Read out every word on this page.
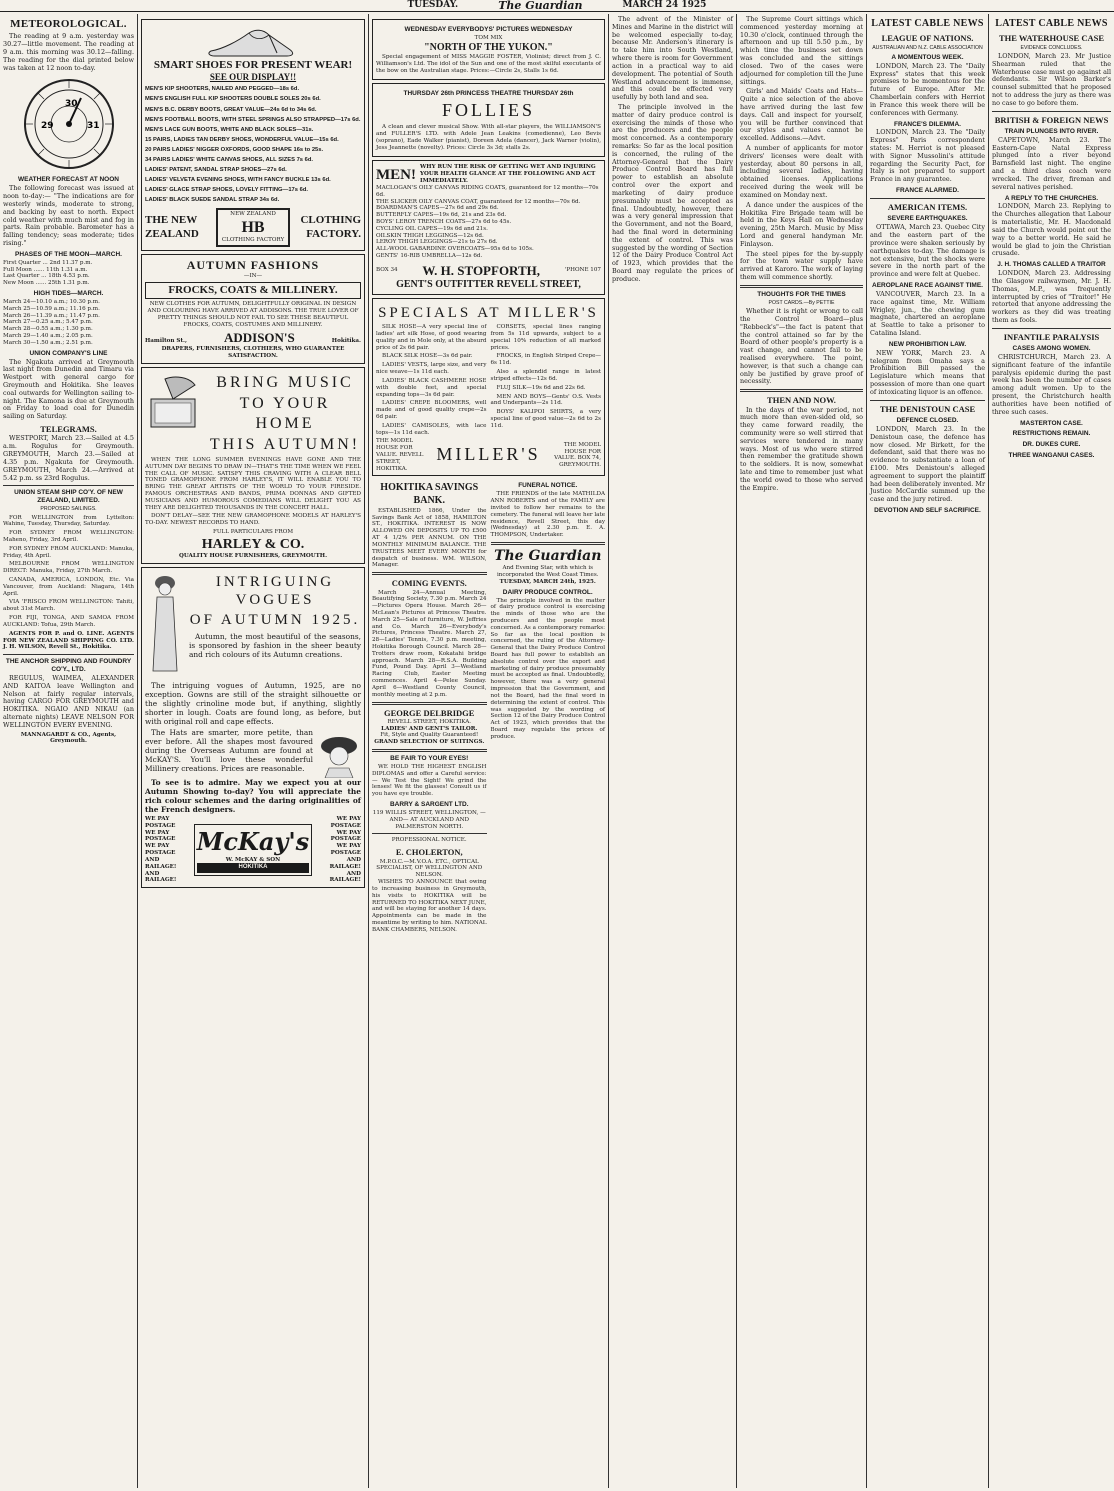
TUESDAY.	The Guardian	MARCH 24 1925
METEOROLOGICAL.

The reading at 9 a.m. yesterday was 30.27—little movement. The reading at 9 a.m. this morning was 30.12—falling. The reading for the dial printed below was taken at 12 noon to-day.

30
29	31
WEATHER FORECAST AT NOON

The following forecast was issued at noon to-day:— "The indications are for westerly winds, moderate to strong, and backing by east to north. Expect cold weather with much mist and fog in parts. Rain probable. Barometer has a falling tendency; seas moderate; tides rising."

PHASES OF THE MOON—MARCH.
First Quarter ... 2nd 11.37 p.m.
Full Moon ...... 11th 1.31 a.m.
Last Quarter ... 18th 4.53 p.m.
New Moon ...... 25th 1.31 p.m.
HIGH TIDES—MARCH.
March 24—10.10 a.m.; 10.30 p.m.
March 25—10.59 a.m.; 11.16 p.m.
March 26—11.39 a.m.; 11.47 p.m.
March 27—0.25 a.m.; 5.47 p.m.
March 28—0.55 a.m.; 1.30 p.m.
March 29—1.40 a.m.; 2.05 p.m.
March 30—1.50 a.m.; 2.51 p.m.
UNION COMPANY'S LINE

The Ngakuta arrived at Greymouth last night from Dunedin and Timaru via Westport with general cargo for Greymouth and Hokitika. She leaves coal outwards for Wellington sailing to-night. The Kamona is due at Greymouth on Friday to load coal for Dunedin sailing on Saturday.

TELEGRAMS.

WESTPORT, March 23.—Sailed at 4.5 a.m. Rogulus for Greymouth. GREYMOUTH, March 23.—Sailed at 4.35 p.m. Ngakuta for Greymouth. GREYMOUTH, March 24.—Arrived at 5.42 p.m. ss 23rd Rogulus.

UNION STEAM SHIP CO'Y. OF NEW ZEALAND, LIMITED.
PROPOSED SAILINGS.

FOR WELLINGTON from Lyttelton: Wahine, Tuesday, Thursday, Saturday.

FOR SYDNEY FROM WELLINGTON: Maheno, Friday, 3rd April.

FOR SYDNEY FROM AUCKLAND: Manuka, Friday, 4th April.

MELBOURNE FROM WELLINGTON DIRECT: Manuka, Friday, 27th March.

CANADA, AMERICA, LONDON, Etc. Via Vancouver, from Auckland: Niagara, 14th April.

VIA 'FRISCO FROM WELLINGTON: Tahiti, about 31st March.

FOR FIJI, TONGA, AND SAMOA FROM AUCKLAND: Tofua, 29th March.

AGENTS FOR P. and O. LINE. AGENTS FOR NEW ZEALAND SHIPPING CO. LTD. J. H. WILSON, Revell St., Hokitika.

THE ANCHOR SHIPPING AND FOUNDRY CO'Y., LTD.

REGULUS, WAIMEA, ALEXANDER AND KAITOA leave Wellington and Nelson at fairly regular intervals, having CARGO FOR GREYMOUTH and HOKITIKA. NGAIO AND NIKAU (an alternate nights) LEAVE NELSON FOR WELLINGTON EVERY EVENING.

MANNAGARDT & CO., Agents, Greymouth.
SMART SHOES FOR PRESENT WEAR!
SEE OUR DISPLAY!!
MEN'S KIP SHOOTERS, NAILED AND PEGGED—18s 6d.
MEN'S ENGLISH FULL KIP SHOOTERS DOUBLE SOLES 20s 6d.
MEN'S B.C. DERBY BOOTS, GREAT VALUE—24s 6d to 34s 6d.
MEN'S FOOTBALL BOOTS, WITH STEEL SPRINGS ALSO STRAPPED—17s 6d.
MEN'S LACE GUN BOOTS, WHITE AND BLACK SOLES—31s.
15 PAIRS, LADIES TAN DERBY SHOES, WONDERFUL VALUE—15s 6d.
20 PAIRS LADIES' NIGGER OXFORDS, GOOD SHAPE 16s to 25s.
34 PAIRS LADIES' WHITE CANVAS SHOES, ALL SIZES 7s 6d.
LADIES' PATENT, SANDAL STRAP SHOES—27s 6d.
LADIES' VELVETA EVENING SHOES, WITH FANCY BUCKLE 13s 6d.
LADIES' GLACE STRAP SHOES, LOVELY FITTING—17s 6d.
LADIES' BLACK SUEDE SANDAL STRAP 34s 6d.
THE NEW
ZEALAND
NEW ZEALAND
HB
CLOTHING FACTORY
CLOTHING
FACTORY.
AUTUMN FASHIONS
—IN—
FROCKS, COATS & MILLINERY.

NEW CLOTHES FOR AUTUMN, DELIGHTFULLY ORIGINAL IN DESIGN AND COLOURING HAVE ARRIVED AT ADDISONS. THE TRUE LOVER OF PRETTY THINGS SHOULD NOT FAIL TO SEE THESE BEAUTIFUL FROCKS, COATS, COSTUMES AND MILLINERY.

Hamilton St.,	ADDISON'S	Hokitika.
DRAPERS, FURNISHERS, CLOTHIERS, WHO GUARANTEE SATISFACTION.
BRING MUSIC
TO YOUR HOME
THIS AUTUMN!

WHEN THE LONG SUMMER EVENINGS HAVE GONE AND THE AUTUMN DAY BEGINS TO DRAW IN—THAT'S THE TIME WHEN WE FEEL THE CALL OF MUSIC. SATISFY THIS CRAVING WITH A CLEAR BELL TONED GRAMOPHONE FROM HARLEY'S, IT WILL ENABLE YOU TO BRING THE GREAT ARTISTS OF THE WORLD TO YOUR FIRESIDE. FAMOUS ORCHESTRAS AND BANDS, PRIMA DONNAS AND GIFTED MUSICIANS AND HUMOROUS COMEDIANS WILL DELIGHT YOU AS THEY ARE DELIGHTED THOUSANDS IN THE CONCERT HALL.

DON'T DELAY—SEE THE NEW GRAMOPHONE MODELS AT HARLEY'S TO-DAY. NEWEST RECORDS TO HAND.

FULL PARTICULARS FROM
HARLEY & CO.
QUALITY HOUSE FURNISHERS, GREYMOUTH.
INTRIGUING VOGUES
OF AUTUMN 1925.

Autumn, the most beautiful of the seasons, is sponsored by fashion in the sheer beauty and rich colours of its Autumn creations.

The intriguing vogues of Autumn, 1925, are no exception. Gowns are still of the straight silhouette or the slightly crinoline mode but, if anything, slightly shorter in lough. Coats are found long, as before, but with original roll and cape effects.

The Hats are smarter, more petite, than ever before. All the shapes most favoured during the Overseas Autumn are found at McKAY'S. You'll love these wonderful Millinery creations. Prices are reasonable.

To see is to admire. May we expect you at our Autumn Showing to-day? You will appreciate the rich colour schemes and the daring originalities of the French designers.

WE PAY POSTAGE
WE PAY POSTAGE
WE PAY POSTAGE
AND RAILAGE!
AND RAILAGE!
McKay's
W. McKAY & SON
HOKITIKA
WE PAY POSTAGE
WE PAY POSTAGE
WE PAY POSTAGE
AND RAILAGE!
AND RAILAGE!
WEDNESDAY EVERYBODYS' PICTURES WEDNESDAY
TOM MIX
"NORTH OF THE YUKON."

Special engagement of MISS MAGGIE FOSTER, Violinist; direct from J. C. Williamson's Ltd. The idol of the Sun and one of the most skilful executants of the bow on the Australian stage. Prices:—Circle 2s, Stalls 1s 6d.

THURSDAY 26th PRINCESS THEATRE THURSDAY 26th
FOLLIES

A clean and clever musical Show. With all-star players, the WILLIAMSON'S and FULLER'S LTD. with Adele Jean Leakins (comedienne), Leo Bevis (soprano), Eade Walker (pianist), Doreen Adela (dancer), Jack Warner (violin), Jess Jeannette (novelty). Prices: Circle 3s 3d; stalls 2s.

MEN! WHY RUN THE RISK OF GETTING WET AND INJURING YOUR HEALTH GLANCE AT THE FOLLOWING AND ACT IMMEDIATELY.
MACLOGAN'S OILY CANVAS RIDING COATS, guaranteed for 12 months—70s 6d.
THE SLICKER OILY CANVAS COAT, guaranteed for 12 months—70s 6d.
BOARDMAN'S CAPES—27s 6d and 29s 6d.
BUTTERFLY CAPES—19s 6d, 21s and 23s 6d.
BOYS' LEROY TRENCH COATS—27s 6d to 45s.
CYCLING OIL CAPES—19s 6d and 21s.
OILSKIN THIGH LEGGINGS—12s 6d.
LEROY THIGH LEGGINGS—21s to 27s 6d.
ALL-WOOL GABARDINE OVERCOATS—95s 6d to 105s.
GENTS' 16-RIB UMBRELLA—12s 6d.
BOX 34 W. H. STOPFORTH,	'PHONE 107
GENT'S OUTFITTER REVELL STREET,
SPECIALS AT MILLER'S

SILK HOSE—A very special line of ladies' art silk Hose, of good wearing quality and in Mole only, at the absurd price of 2s 6d pair.

BLACK SILK HOSE—3s 6d pair.

LADIES' VESTS, large size, and very nice weave—1s 11d each.

LADIES' BLACK CASHMERE HOSE with double feet, and special expanding tops—3s 6d pair.

LADIES' CREPE BLOOMERS, well made and of good quality crepe—2s 6d pair.

LADIES' CAMISOLES, with lace tops—1s 11d each.

CORSETS, special lines ranging from 5s 11d upwards, subject to a special 10% reduction of all marked prices.

FROCKS, in English Striped Crepe—6s 11d.

Also a splendid range in latest striped effects—12s 6d.

FLUJ SILK—19s 6d and 22s 6d.

MEN AND BOYS—Gents' O.S. Vests and Underpants—2s 11d.

BOYS' KALIPOI SHIRTS, a very special line of good value—2s 6d to 2s 11d.

THE MODEL HOUSE FOR VALUE. REVELL STREET, HOKITIKA.
MILLER'S	THE MODEL HOUSE FOR VALUE. BOX 74, GREYMOUTH.
HOKITIKA SAVINGS BANK.

ESTABLISHED 1866, Under the Savings Bank Act of 1858, HAMILTON ST., HOKITIKA. INTEREST IS NOW ALLOWED ON DEPOSITS UP TO £500 AT 4 1/2% PER ANNUM. ON THE MONTHLY MINIMUM BALANCE. THE TRUSTEES MEET EVERY MONTH for despatch of business. WM. WILSON, Manager.

COMING EVENTS.

March 24—Annual Meeting, Beautifying Society, 7.30 p.m. March 24—Pictures Opera House. March 26—McLean's Pictures at Princess Theatre. March 25—Sale of furniture, W. Jeffries and Co. March 26—Everybody's Pictures, Princess Theatre. March 27, 28—Ladies' Tennis, 7.30 p.m. meeting, Hokitika Borough Council. March 28—Trotters draw room, Kokatahi bridge approach. March 28—R.S.A. Building Fund, Pound Day. April 3—Westland Racing Club, Easter Meeting commences. April 4—Pelee Sunday. April 6—Westland County Council, monthly meeting at 2 p.m.

GEORGE DELBRIDGE
REVELL STREET, HOKITIKA.
LADIES' AND GENT'S TAILOR.
Fit, Style and Quality Guaranteed!
GRAND SELECTION OF SUITINGS.
BE FAIR TO YOUR EYES!

WE HOLD THE HIGHEST ENGLISH DIPLOMAS and offer a Careful service:— We Test the Sight! We grind the lenses! We fit the glasses! Consult us if you have eye trouble.

BARRY & SARGENT LTD.
119 WILLIS STREET, WELLINGTON, —AND— AT AUCKLAND AND PALMERSTON NORTH.
PROFESSIONAL NOTICE.
E. CHOLERTON,
M.P.O.C.—M.V.O.A. ETC., OPTICAL SPECIALIST, OF WELLINGTON AND NELSON.

WISHES TO ANNOUNCE that owing to increasing business in Greymouth, his visits to HOKITIKA will be RETURNED TO HOKITIKA NEXT JUNE, and will be staying for another 14 days. Appointments can be made in the meantime by writing to him. NATIONAL BANK CHAMBERS, NELSON.

FUNERAL NOTICE.

THE FRIENDS of the late MATHILDA ANN ROBERTS and of the FAMILY are invited to follow her remains to the cemetery. The funeral will leave her late residence, Revell Street, this day (Wednesday) at 2.30 p.m. E. A. THOMPSON, Undertaker.

The Guardian
And Evening Star, with which is incorporated the West Coast Times.
TUESDAY, MARCH 24th, 1925.
DAIRY PRODUCE CONTROL.

The principle involved in the matter of dairy produce control is exercising the minds of those who are the producers and the people most concerned. As a contemporary remarks: So far as the local position is concerned, the ruling of the Attorney-General that the Dairy Produce Control Board has full power to establish an absolute control over the export and marketing of dairy produce presumably must be accepted as final. Undoubtedly, however, there was a very general impression that the Government, and not the Board, had the final word in determining the extent of control. This was suggested by the wording of Section 12 of the Dairy Produce Control Act of 1923, which provides that the Board may regulate the prices of produce.

The advent of the Minister of Mines and Marine in the district will be welcomed especially to-day, because Mr. Anderson's itinerary is to take him into South Westland, where there is room for Government action in a practical way to aid development. The potential of South Westland advancement is immense, and this could be effected very usefully by both land and sea.

The principle involved in the matter of dairy produce control is exercising the minds of those who are the producers and the people most concerned. As a contemporary remarks: So far as the local position is concerned, the ruling of the Attorney-General that the Dairy Produce Control Board has full power to establish an absolute control over the export and marketing of dairy produce presumably must be accepted as final. Undoubtedly, however, there was a very general impression that the Government, and not the Board, had the final word in determining the extent of control. This was suggested by the wording of Section 12 of the Dairy Produce Control Act of 1923, which provides that the Board may regulate the prices of produce.

The Supreme Court sittings which commenced yesterday morning at 10.30 o'clock, continued through the afternoon and up till 5.50 p.m., by which time the business set down was concluded and the sittings closed. Two of the cases were adjourned for completion till the June sittings.

Girls' and Maids' Coats and Hats—Quite a nice selection of the above have arrived during the last few days. Call and inspect for yourself, you will be further convinced that our styles and values cannot be excelled. Addisons.—Advt.

A number of applicants for motor drivers' licenses were dealt with yesterday, about 80 persons in all, including several ladies, having obtained licenses. Applications received during the week will be examined on Monday next.

A dance under the auspices of the Hokitika Fire Brigade team will be held in the Keys Hall on Wednesday evening, 25th March. Music by Miss Lord and general handyman Mr. Finlayson.

The steel pipes for the by-supply for the town water supply have arrived at Karoro. The work of laying them will commence shortly.

THOUGHTS FOR THE TIMES
POST CARDS.—By PETTIE

Whether it is right or wrong to call the Control Board—plus "Rebbeck's"—the fact is patent that the control attained so far by the Board of other people's property is a vast change, and cannot fail to be realised everywhere. The point, however, is that such a change can only be justified by grave proof of necessity.

THEN AND NOW.

In the days of the war period, not much more than even-sided old, so they came forward readily, the community were so well stirred that services were tendered in many ways. Most of us who were stirred then remember the gratitude shown to the soldiers. It is now, somewhat late and time to remember just what the world owed to those who served the Empire.

LATEST CABLE NEWS
LEAGUE OF NATIONS.
AUSTRALIAN AND N.Z. CABLE ASSOCIATION
A MOMENTOUS WEEK.

LONDON, March 23. The "Daily Express" states that this week promises to be momentous for the future of Europe. After Mr. Chamberlain confers with Herriot in France this week there will be conferences with Germany.

FRANCE'S DILEMMA.

LONDON, March 23. The "Daily Express" Paris correspondent states: M. Herriot is not pleased with Signor Mussolini's attitude regarding the Security Pact, for Italy is not prepared to support France in any guarantee.

FRANCE ALARMED.
AMERICAN ITEMS.
SEVERE EARTHQUAKES.

OTTAWA, March 23. Quebec City and the eastern part of the province were shaken seriously by earthquakes to-day. The damage is not extensive, but the shocks were severe in the north part of the province and were felt at Quebec.

AEROPLANE RACE AGAINST TIME.

VANCOUVER, March 23. In a race against time, Mr. William Wrigley, jun., the chewing gum magnate, chartered an aeroplane at Seattle to take a prisoner to Catalina Island.

NEW PROHIBITION LAW.

NEW YORK, March 23. A telegram from Omaha says a Prohibition Bill passed the Legislature which means that possession of more than one quart of intoxicating liquor is an offence.

THE DENISTOUN CASE
DEFENCE CLOSED.

LONDON, March 23. In the Denistoun case, the defence has now closed. Mr Birkett, for the defendant, said that there was no evidence to substantiate a loan of £100. Mrs Denistoun's alleged agreement to support the plaintiff had been deliberately invented. Mr Justice McCardie summed up the case and the jury retired.

DEVOTION AND SELF SACRIFICE.
LATEST CABLE NEWS
THE WATERHOUSE CASE
EVIDENCE CONCLUDES.

LONDON, March 23. Mr Justice Shearman ruled that the Waterhouse case must go against all defendants. Sir Wilson Barker's counsel submitted that he proposed not to address the jury as there was no case to go before them.

BRITISH & FOREIGN NEWS
TRAIN PLUNGES INTO RIVER.

CAPETOWN, March 23. The Eastern-Cape Natal Express plunged into a river beyond Barnsfield last night. The engine and a third class coach were wrecked. The driver, fireman and several natives perished.

A REPLY TO THE CHURCHES.

LONDON, March 23. Replying to the Churches allegation that Labour is materialistic, Mr. H. Macdonald said the Church would point out the way to a better world. He said he would be glad to join the Christian crusade.

J. H. THOMAS CALLED A TRAITOR

LONDON, March 23. Addressing the Glasgow railwaymen, Mr. J. H. Thomas, M.P., was frequently interrupted by cries of "Traitor!" He retorted that anyone addressing the workers as they did was treating them as fools.

INFANTILE PARALYSIS
CASES AMONG WOMEN.

CHRISTCHURCH, March 23. A significant feature of the infantile paralysis epidemic during the past week has been the number of cases among adult women. Up to the present, the Christchurch health authorities have been notified of three such cases.

MASTERTON CASE.
RESTRICTIONS REMAIN.
DR. DUKES CURE.
THREE WANGANUI CASES.
